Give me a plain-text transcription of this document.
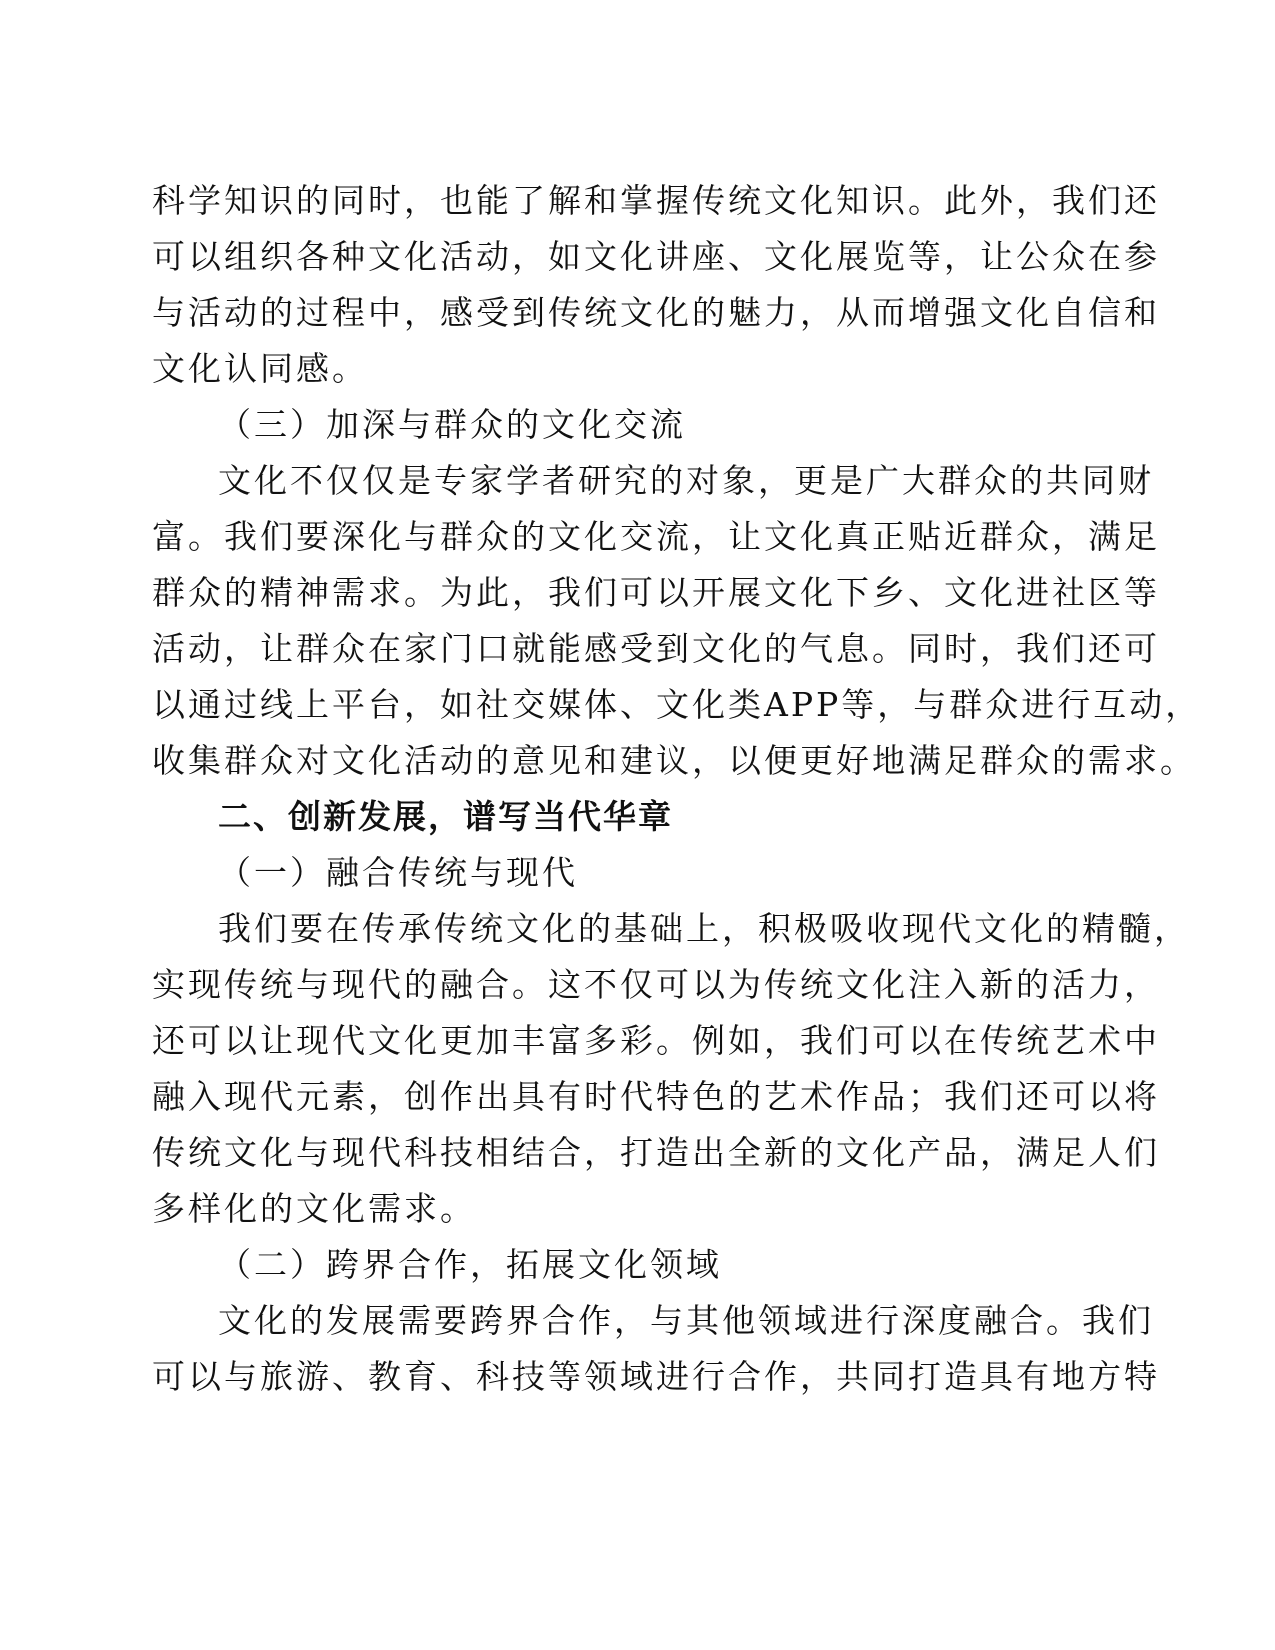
科学知识的同时，也能了解和掌握传统文化知识。此外，我们还
可以组织各种文化活动，如文化讲座、文化展览等，让公众在参
与活动的过程中，感受到传统文化的魅力，从而增强文化自信和
文化认同感。
（三）加深与群众的文化交流
文化不仅仅是专家学者研究的对象，更是广大群众的共同财
富。我们要深化与群众的文化交流，让文化真正贴近群众，满足
群众的精神需求。为此，我们可以开展文化下乡、文化进社区等
活动，让群众在家门口就能感受到文化的气息。同时，我们还可
以通过线上平台，如社交媒体、文化类APP等，与群众进行互动，
收集群众对文化活动的意见和建议，以便更好地满足群众的需求。
二、创新发展，谱写当代华章
（一）融合传统与现代
我们要在传承传统文化的基础上，积极吸收现代文化的精髓，
实现传统与现代的融合。这不仅可以为传统文化注入新的活力，
还可以让现代文化更加丰富多彩。例如，我们可以在传统艺术中
融入现代元素，创作出具有时代特色的艺术作品；我们还可以将
传统文化与现代科技相结合，打造出全新的文化产品，满足人们
多样化的文化需求。
（二）跨界合作，拓展文化领域
文化的发展需要跨界合作，与其他领域进行深度融合。我们
可以与旅游、教育、科技等领域进行合作，共同打造具有地方特
